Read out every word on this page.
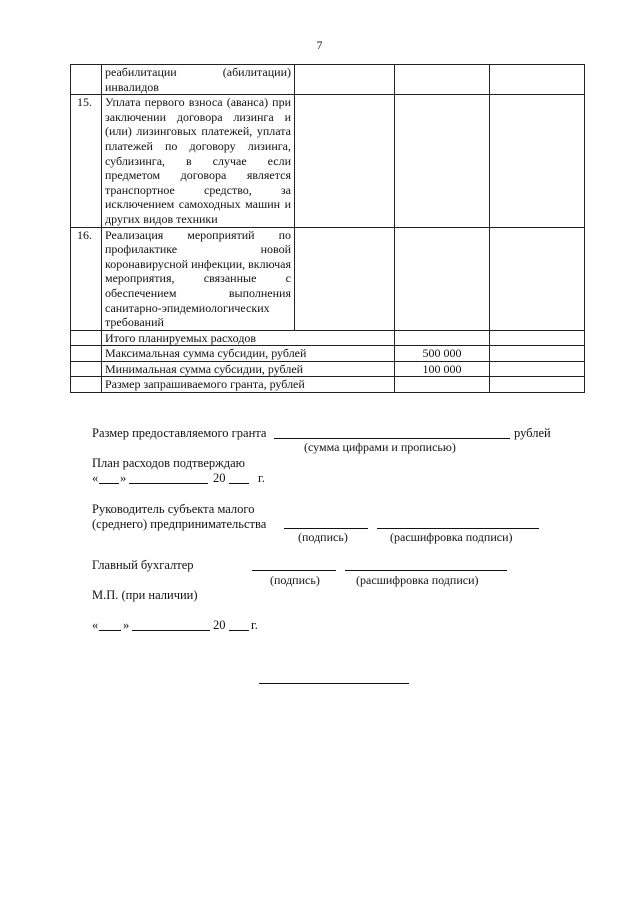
7
	реабилитации (абилитации) инвалидов			
15.	Уплата первого взноса (аванса) при заключении договора лизинга и (или) лизинговых платежей, уплата платежей по договору лизинга, сублизинга, в случае если предметом договора является транспортное средство, за исключением самоходных машин и других видов техники			
16.	Реализация мероприятий по профилактике новой коронавирусной инфекции, включая мероприятия, связанные с обеспечением выполнения санитарно-эпидемиологических требований			
	Итого планируемых расходов			
	Максимальная сумма субсидии, рублей		500 000	
	Минимальная сумма субсидии, рублей		100 000	
	Размер запрашиваемого гранта, рублей			
Размер предоставляемого гранта	рублей
(сумма цифрами и прописью)
План расходов подтверждаю
« »	20	г.
Руководитель субъекта малого
(среднего) предпринимательства
(подпись)	(расшифровка подписи)
Главный бухгалтер
(подпись)	(расшифровка подписи)
М.П. (при наличии)
« »	20 г.
